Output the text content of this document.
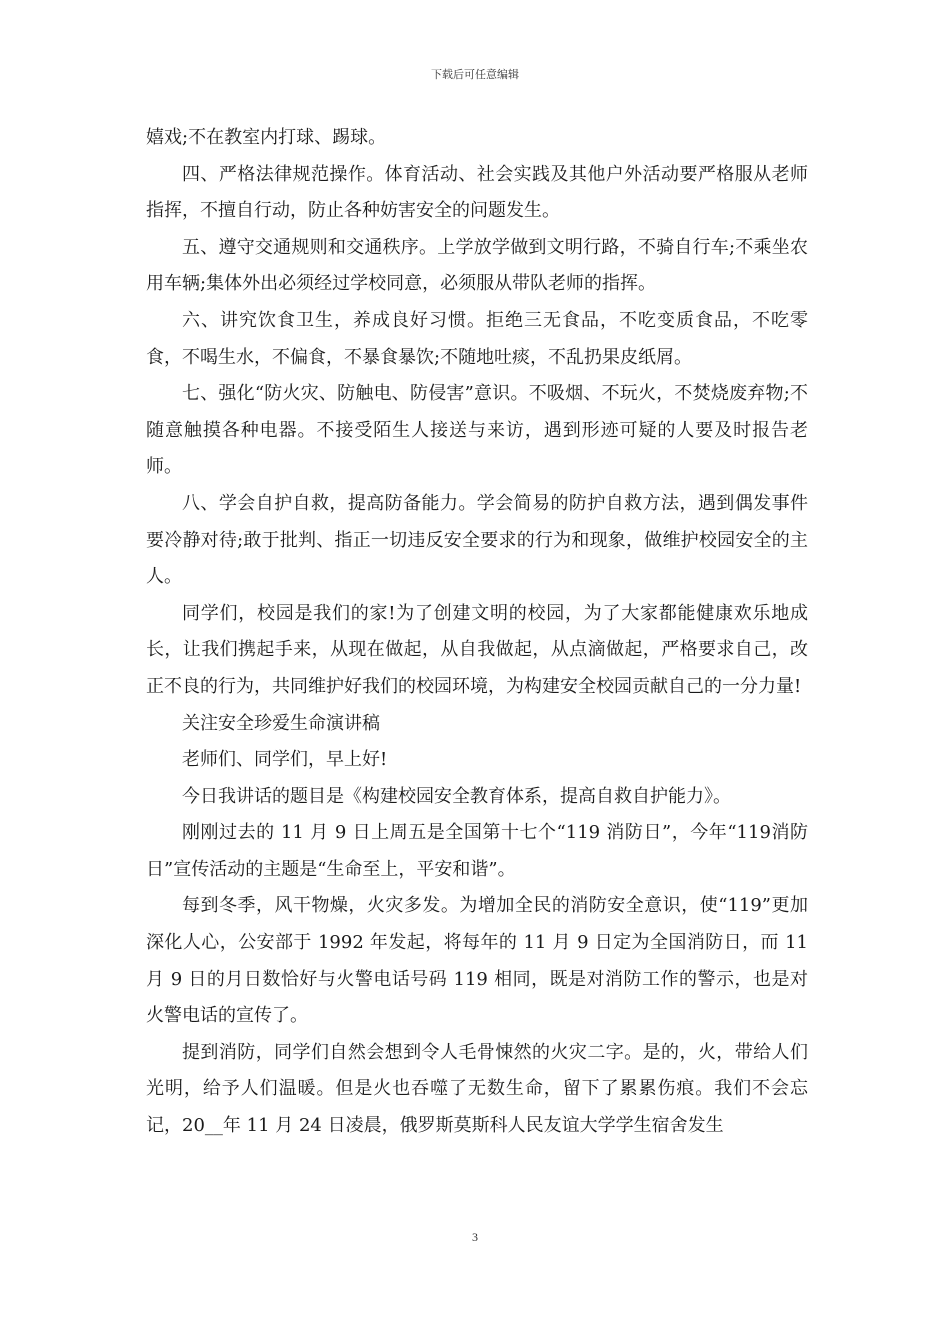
下载后可任意编辑

嬉戏;不在教室内打球、踢球。

四、严格法律规范操作。体育活动、社会实践及其他户外活动要严格服从老师指挥，不擅自行动，防止各种妨害安全的问题发生。

五、遵守交通规则和交通秩序。上学放学做到文明行路，不骑自行车;不乘坐农用车辆;集体外出必须经过学校同意，必须服从带队老师的指挥。

六、讲究饮食卫生，养成良好习惯。拒绝三无食品，不吃变质食品，不吃零食，不喝生水，不偏食，不暴食暴饮;不随地吐痰，不乱扔果皮纸屑。

七、强化“防火灾、防触电、防侵害”意识。不吸烟、不玩火，不焚烧废弃物;不随意触摸各种电器。不接受陌生人接送与来访，遇到形迹可疑的人要及时报告老师。

八、学会自护自救，提高防备能力。学会简易的防护自救方法，遇到偶发事件要冷静对待;敢于批判、指正一切违反安全要求的行为和现象，做维护校园安全的主人。

同学们，校园是我们的家!为了创建文明的校园，为了大家都能健康欢乐地成长，让我们携起手来，从现在做起，从自我做起，从点滴做起，严格要求自己，改正不良的行为，共同维护好我们的校园环境，为构建安全校园贡献自己的一分力量!

关注安全珍爱生命演讲稿

老师们、同学们，早上好!

今日我讲话的题目是《构建校园安全教育体系，提高自救自护能力》。

刚刚过去的 11 月 9 日上周五是全国第十七个“119 消防日”，今年“119消防日”宣传活动的主题是“生命至上，平安和谐”。

每到冬季，风干物燥，火灾多发。为增加全民的消防安全意识，使“119”更加深化人心，公安部于 1992 年发起，将每年的 11 月 9 日定为全国消防日，而 11 月 9 日的月日数恰好与火警电话号码 119 相同，既是对消防工作的警示，也是对火警电话的宣传了。

提到消防，同学们自然会想到令人毛骨悚然的火灾二字。是的，火，带给人们光明，给予人们温暖。但是火也吞噬了无数生命，留下了累累伤痕。我们不会忘记，20__年 11 月 24 日凌晨，俄罗斯莫斯科人民友谊大学学生宿舍发生

3
